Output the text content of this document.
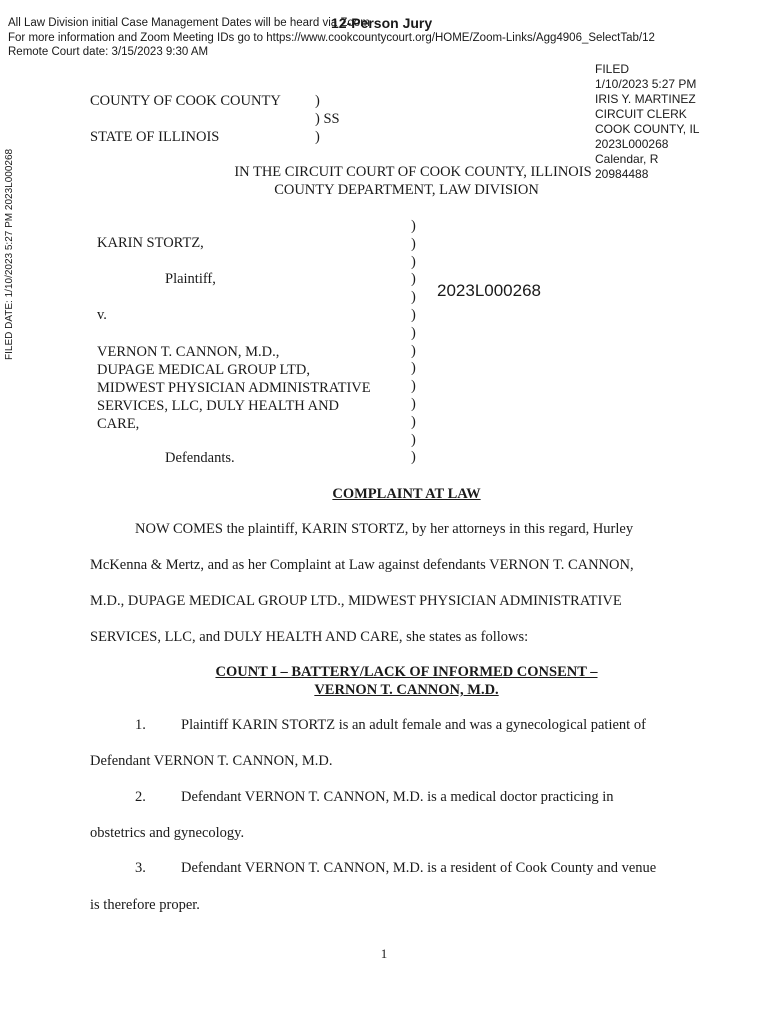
All Law Division initial Case Management Dates will be heard via Zoom
For more information and Zoom Meeting IDs go to https://www.cookcountycourt.org/HOME/Zoom-Links/Agg4906_SelectTab/12
Remote Court date: 3/15/2023 9:30 AM
12-Person Jury
FILED
1/10/2023 5:27 PM
IRIS Y. MARTINEZ
CIRCUIT CLERK
COOK COUNTY, IL
2023L000268
Calendar, R
20984488
FILED DATE: 1/10/2023 5:27 PM 2023L000268
COUNTY OF COOK COUNTY
STATE OF ILLINOIS
)
) SS
)
IN THE CIRCUIT COURT OF COOK COUNTY, ILLINOIS
COUNTY DEPARTMENT, LAW DIVISION
KARIN STORTZ,
Plaintiff,
v.
VERNON T. CANNON, M.D.,
DUPAGE MEDICAL GROUP LTD,
MIDWEST PHYSICIAN ADMINISTRATIVE
SERVICES, LLC, DULY HEALTH AND
CARE,
Defendants.
)
)
)
)
)
)
)
)
)
)
)
)
)
)
2023L000268
COMPLAINT AT LAW
NOW COMES the plaintiff, KARIN STORTZ, by her attorneys in this regard, Hurley
McKenna & Mertz, and as her Complaint at Law against defendants VERNON T. CANNON,
M.D., DUPAGE MEDICAL GROUP LTD., MIDWEST PHYSICIAN ADMINISTRATIVE
SERVICES, LLC, and DULY HEALTH AND CARE, she states as follows:
COUNT I – BATTERY/LACK OF INFORMED CONSENT –
VERNON T. CANNON, M.D.
1. Plaintiff KARIN STORTZ is an adult female and was a gynecological patient of
Defendant VERNON T. CANNON, M.D.
2. Defendant VERNON T. CANNON, M.D. is a medical doctor practicing in
obstetrics and gynecology.
3. Defendant VERNON T. CANNON, M.D. is a resident of Cook County and venue
is therefore proper.
1
